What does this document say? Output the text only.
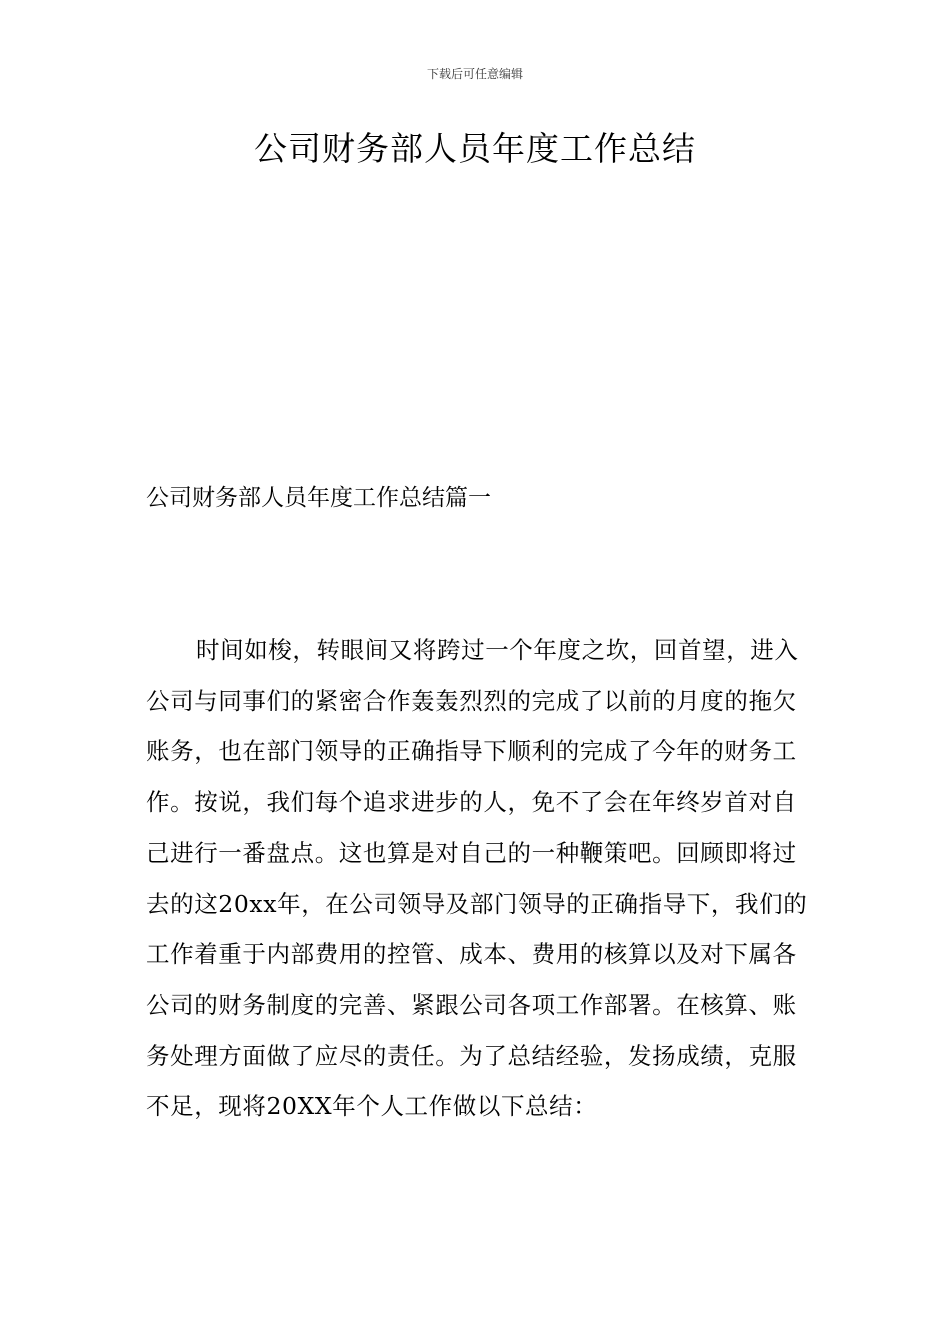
下载后可任意编辑
公司财务部人员年度工作总结
公司财务部人员年度工作总结篇一

时间如梭，转眼间又将跨过一个年度之坎，回首望，进入公司与同事们的紧密合作轰轰烈烈的完成了以前的月度的拖欠账务，也在部门领导的正确指导下顺利的完成了今年的财务工作。按说，我们每个追求进步的人，免不了会在年终岁首对自己进行一番盘点。这也算是对自己的一种鞭策吧。回顾即将过去的这20xx年，在公司领导及部门领导的正确指导下，我们的工作着重于内部费用的控管、成本、费用的核算以及对下属各公司的财务制度的完善、紧跟公司各项工作部署。在核算、账务处理方面做了应尽的责任。为了总结经验，发扬成绩，克服不足，现将20XX年个人工作做以下总结：
